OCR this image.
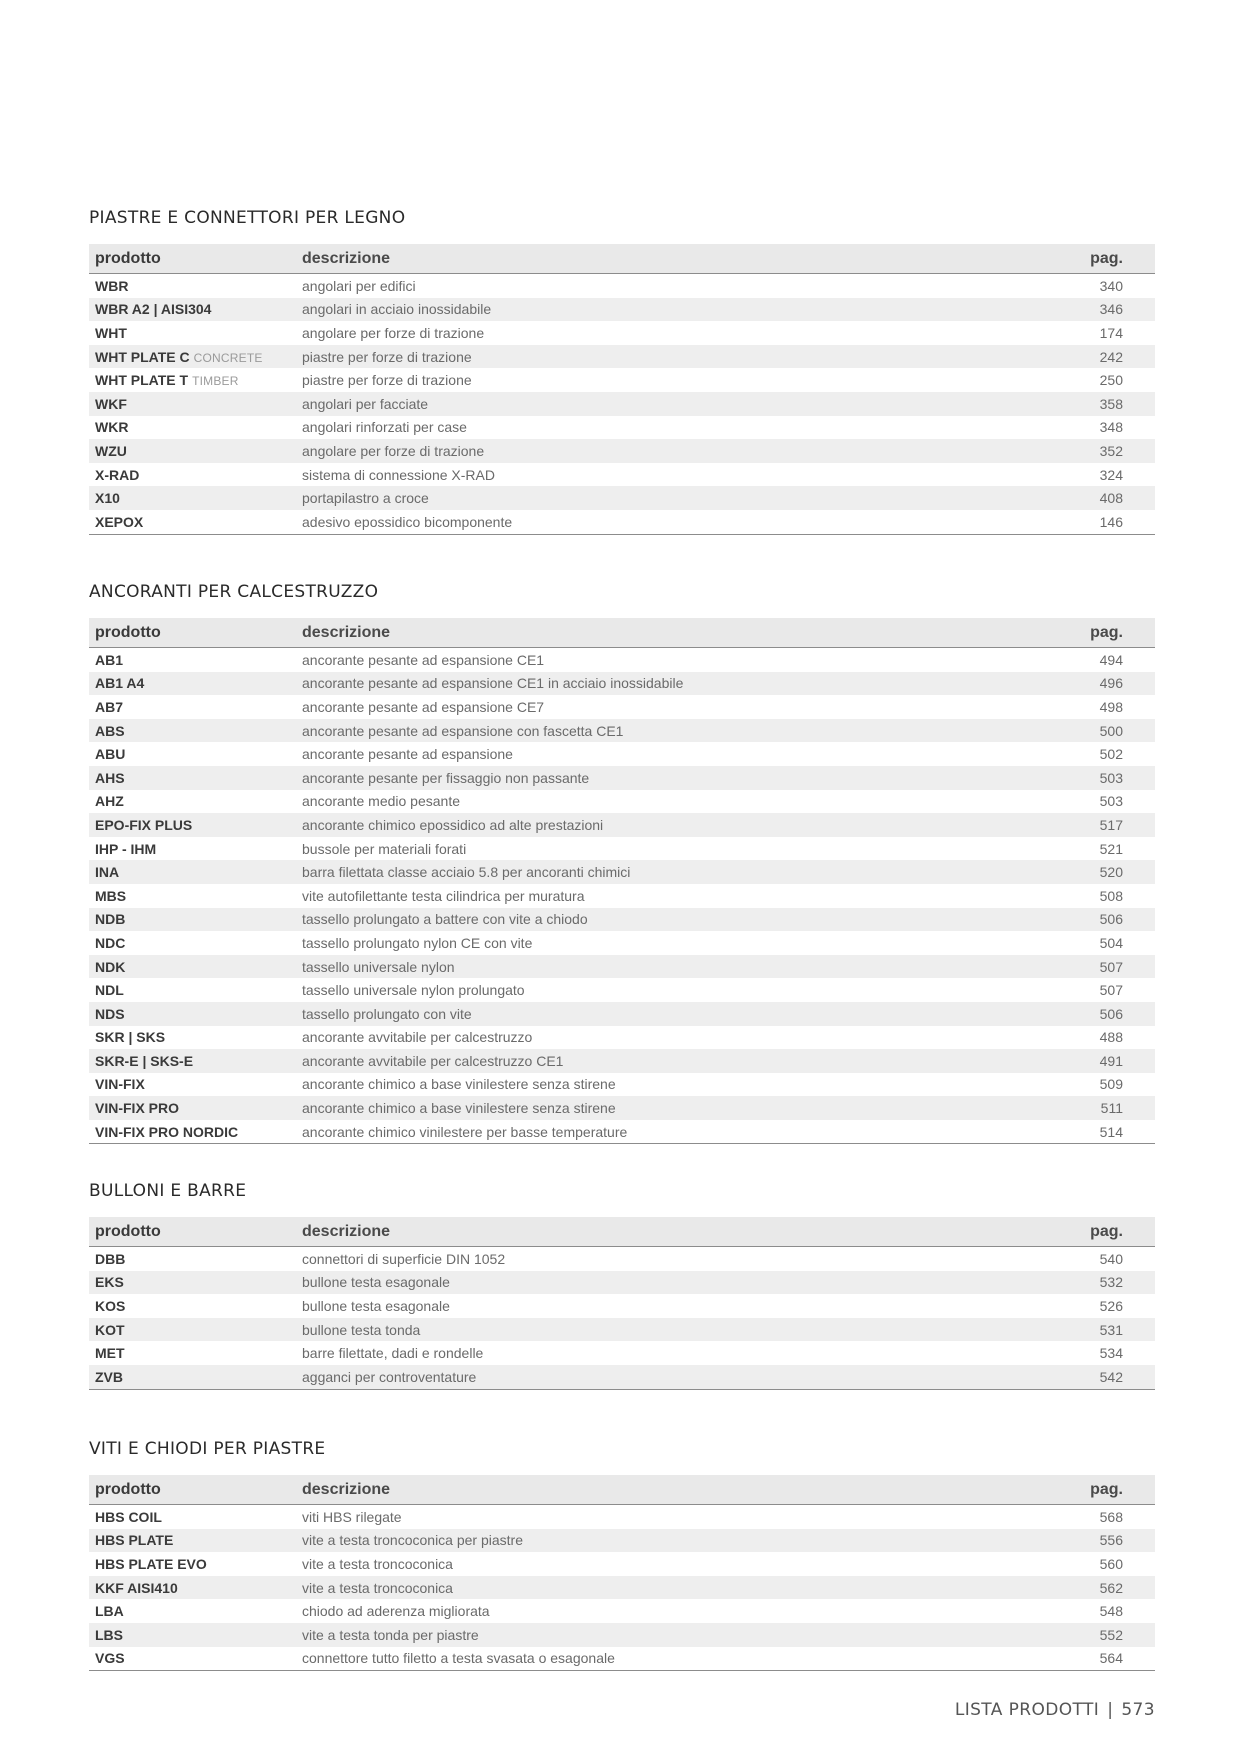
PIASTRE E CONNETTORI PER LEGNO
prodotto	descrizione	pag.
WBR	angolari per edifici	340
WBR A2 | AISI304	angolari in acciaio inossidabile	346
WHT	angolare per forze di trazione	174
WHT PLATE C CONCRETE	piastre per forze di trazione	242
WHT PLATE T TIMBER	piastre per forze di trazione	250
WKF	angolari per facciate	358
WKR	angolari rinforzati per case	348
WZU	angolare per forze di trazione	352
X-RAD	sistema di connessione X-RAD	324
X10	portapilastro a croce	408
XEPOX	adesivo epossidico bicomponente	146
ANCORANTI PER CALCESTRUZZO
prodotto	descrizione	pag.
AB1	ancorante pesante ad espansione CE1	494
AB1 A4	ancorante pesante ad espansione CE1 in acciaio inossidabile	496
AB7	ancorante pesante ad espansione CE7	498
ABS	ancorante pesante ad espansione con fascetta CE1	500
ABU	ancorante pesante ad espansione	502
AHS	ancorante pesante per fissaggio non passante	503
AHZ	ancorante medio pesante	503
EPO-FIX PLUS	ancorante chimico epossidico ad alte prestazioni	517
IHP - IHM	bussole per materiali forati	521
INA	barra filettata classe acciaio 5.8 per ancoranti chimici	520
MBS	vite autofilettante testa cilindrica per muratura	508
NDB	tassello prolungato a battere con vite a chiodo	506
NDC	tassello prolungato nylon CE con vite	504
NDK	tassello universale nylon	507
NDL	tassello universale nylon prolungato	507
NDS	tassello prolungato con vite	506
SKR | SKS	ancorante avvitabile per calcestruzzo	488
SKR-E | SKS-E	ancorante avvitabile per calcestruzzo CE1	491
VIN-FIX	ancorante chimico a base vinilestere senza stirene	509
VIN-FIX PRO	ancorante chimico a base vinilestere senza stirene	511
VIN-FIX PRO NORDIC	ancorante chimico vinilestere per basse temperature	514
BULLONI E BARRE
prodotto	descrizione	pag.
DBB	connettori di superficie DIN 1052	540
EKS	bullone testa esagonale	532
KOS	bullone testa esagonale	526
KOT	bullone testa tonda	531
MET	barre filettate, dadi e rondelle	534
ZVB	agganci per controventature	542
VITI E CHIODI PER PIASTRE
prodotto	descrizione	pag.
HBS COIL	viti HBS rilegate	568
HBS PLATE	vite a testa troncoconica per piastre	556
HBS PLATE EVO	vite a testa troncoconica	560
KKF AISI410	vite a testa troncoconica	562
LBA	chiodo ad aderenza migliorata	548
LBS	vite a testa tonda per piastre	552
VGS	connettore tutto filetto a testa svasata o esagonale	564
LISTA PRODOTTI | 573
